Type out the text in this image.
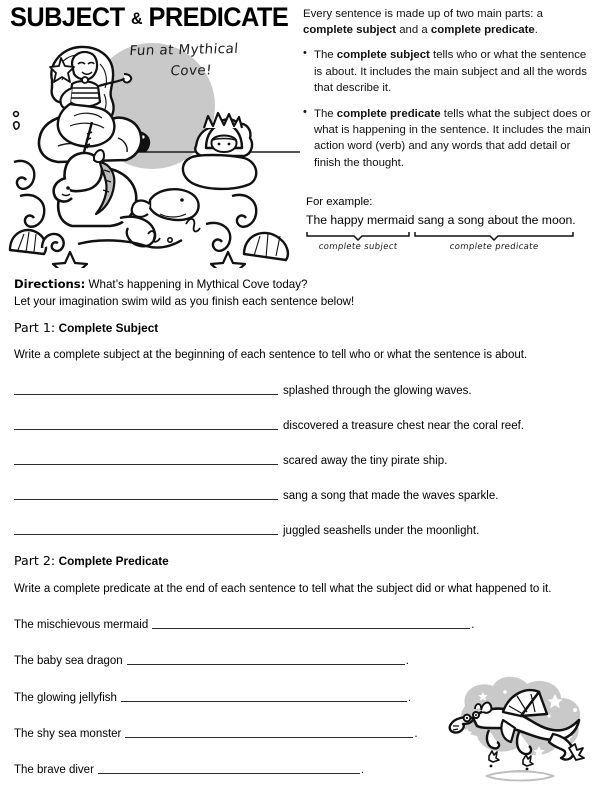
SUBJECT & PREDICATE
Fun at Mythical
Cove!

Every sentence is made up of two main parts: a complete subject and a complete predicate.

• The complete subject tells who or what the sentence is about. It includes the main subject and all the words that describe it.
• The complete predicate tells what the subject does or what is happening in the sentence. It includes the main action word (verb) and any words that add detail or finish the thought.
For example:
The happy mermaid sang a song about the moon.
complete subject	complete predicate
Directions: What’s happening in Mythical Cove today?
Let your imagination swim wild as you finish each sentence below!
Part 1: Complete Subject
Write a complete subject at the beginning of each sentence to tell who or what the sentence is about.
splashed through the glowing waves.
discovered a treasure chest near the coral reef.
scared away the tiny pirate ship.
sang a song that made the waves sparkle.
juggled seashells under the moonlight.
Part 2: Complete Predicate
Write a complete predicate at the end of each sentence to tell what the subject did or what happened to it.
The mischievous mermaid	.
The baby sea dragon	.
The glowing jellyfish	.
The shy sea monster	.
The brave diver	.
